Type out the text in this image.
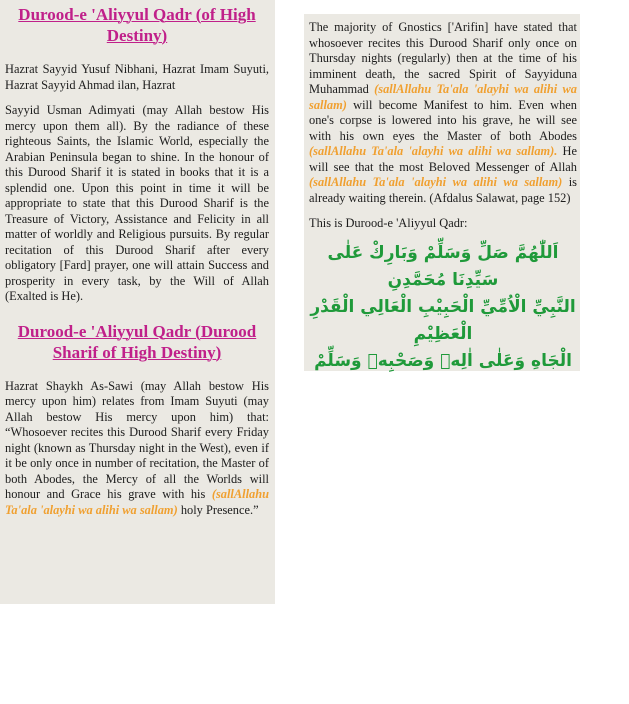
Durood-e 'Aliyyul Qadr (of High Destiny)

Hazrat Sayyid Yusuf Nibhani, Hazrat Imam Suyuti, Hazrat Sayyid Ahmad ilan, Hazrat

Sayyid Usman Adimyati (may Allah bestow His mercy upon them all). By the radiance of these righteous Saints, the Islamic World, especially the Arabian Peninsula began to shine. In the honour of this Durood Sharif it is stated in books that it is a splendid one. Upon this point in time it will be appropriate to state that this Durood Sharif is the Treasure of Victory, Assistance and Felicity in all matter of worldly and Religious pursuits. By regular recitation of this Durood Sharif after every obligatory [Fard] prayer, one will attain Success and prosperity in every task, by the Will of Allah (Exalted is He).

Durood-e 'Aliyyul Qadr (Durood Sharif of High Destiny)

Hazrat Shaykh As-Sawi (may Allah bestow His mercy upon him) relates from Imam Suyuti (may Allah bestow His mercy upon him) that: “Whosoever recites this Durood Sharif every Friday night (known as Thursday night in the West), even if it be only once in number of recitation, the Master of both Abodes, the Mercy of all the Worlds will honour and Grace his grave with his (sallAllahu Ta'ala 'alayhi wa alihi wa sallam) holy Presence.”

The majority of Gnostics ['Arifin] have stated that whosoever recites this Durood Sharif only once on Thursday nights (regularly) then at the time of his imminent death, the sacred Spirit of Sayyiduna Muhammad (sallAllahu Ta'ala 'alayhi wa alihi wa sallam) will become Manifest to him. Even when one's corpse is lowered into his grave, he will see with his own eyes the Master of both Abodes (sallAllahu Ta'ala 'alayhi wa alihi wa sallam). He will see that the most Beloved Messenger of Allah (sallAllahu Ta'ala 'alayhi wa alihi wa sallam) is already waiting therein. (Afdalus Salawat, page 152)

This is Durood-e 'Aliyyul Qadr:

اَللّٰهُمَّ صَلِّ وَسَلِّمْ وَبَارِكْ عَلٰى سَيِّدِنَا مُحَمَّدِنِ
النَّبِيِّ الْاُمِّيِّ الْحَبِيْبِ الْعَالِي الْقَدْرِ الْعَظِيْمِ
الْجَاهِ وَعَلٰى اٰلِهٖ وَصَحْبِهٖ وَسَلِّمْ
